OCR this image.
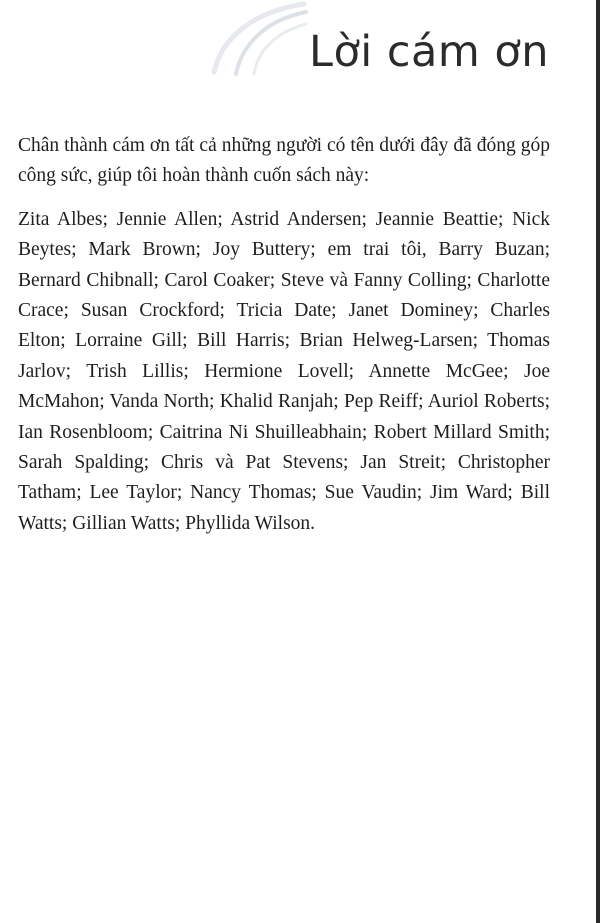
Lời cám ơn

Chân thành cám ơn tất cả những người có tên dưới đây đã đóng góp công sức, giúp tôi hoàn thành cuốn sách này:

Zita Albes; Jennie Allen; Astrid Andersen; Jeannie Beattie; Nick Beytes; Mark Brown; Joy Buttery; em trai tôi, Barry Buzan; Bernard Chibnall; Carol Coaker; Steve và Fanny Colling; Charlotte Crace; Susan Crockford; Tricia Date; Janet Dominey; Charles Elton; Lorraine Gill; Bill Harris; Brian Helweg-Larsen; Thomas Jarlov; Trish Lillis; Hermione Lovell; Annette McGee; Joe McMahon; Vanda North; Khalid Ranjah; Pep Reiff; Auriol Roberts; Ian Rosenbloom; Caitrina Ni Shuilleabhain; Robert Millard Smith; Sarah Spalding; Chris và Pat Stevens; Jan Streit; Christopher Tatham; Lee Taylor; Nancy Thomas; Sue Vaudin; Jim Ward; Bill Watts; Gillian Watts; Phyllida Wilson.
